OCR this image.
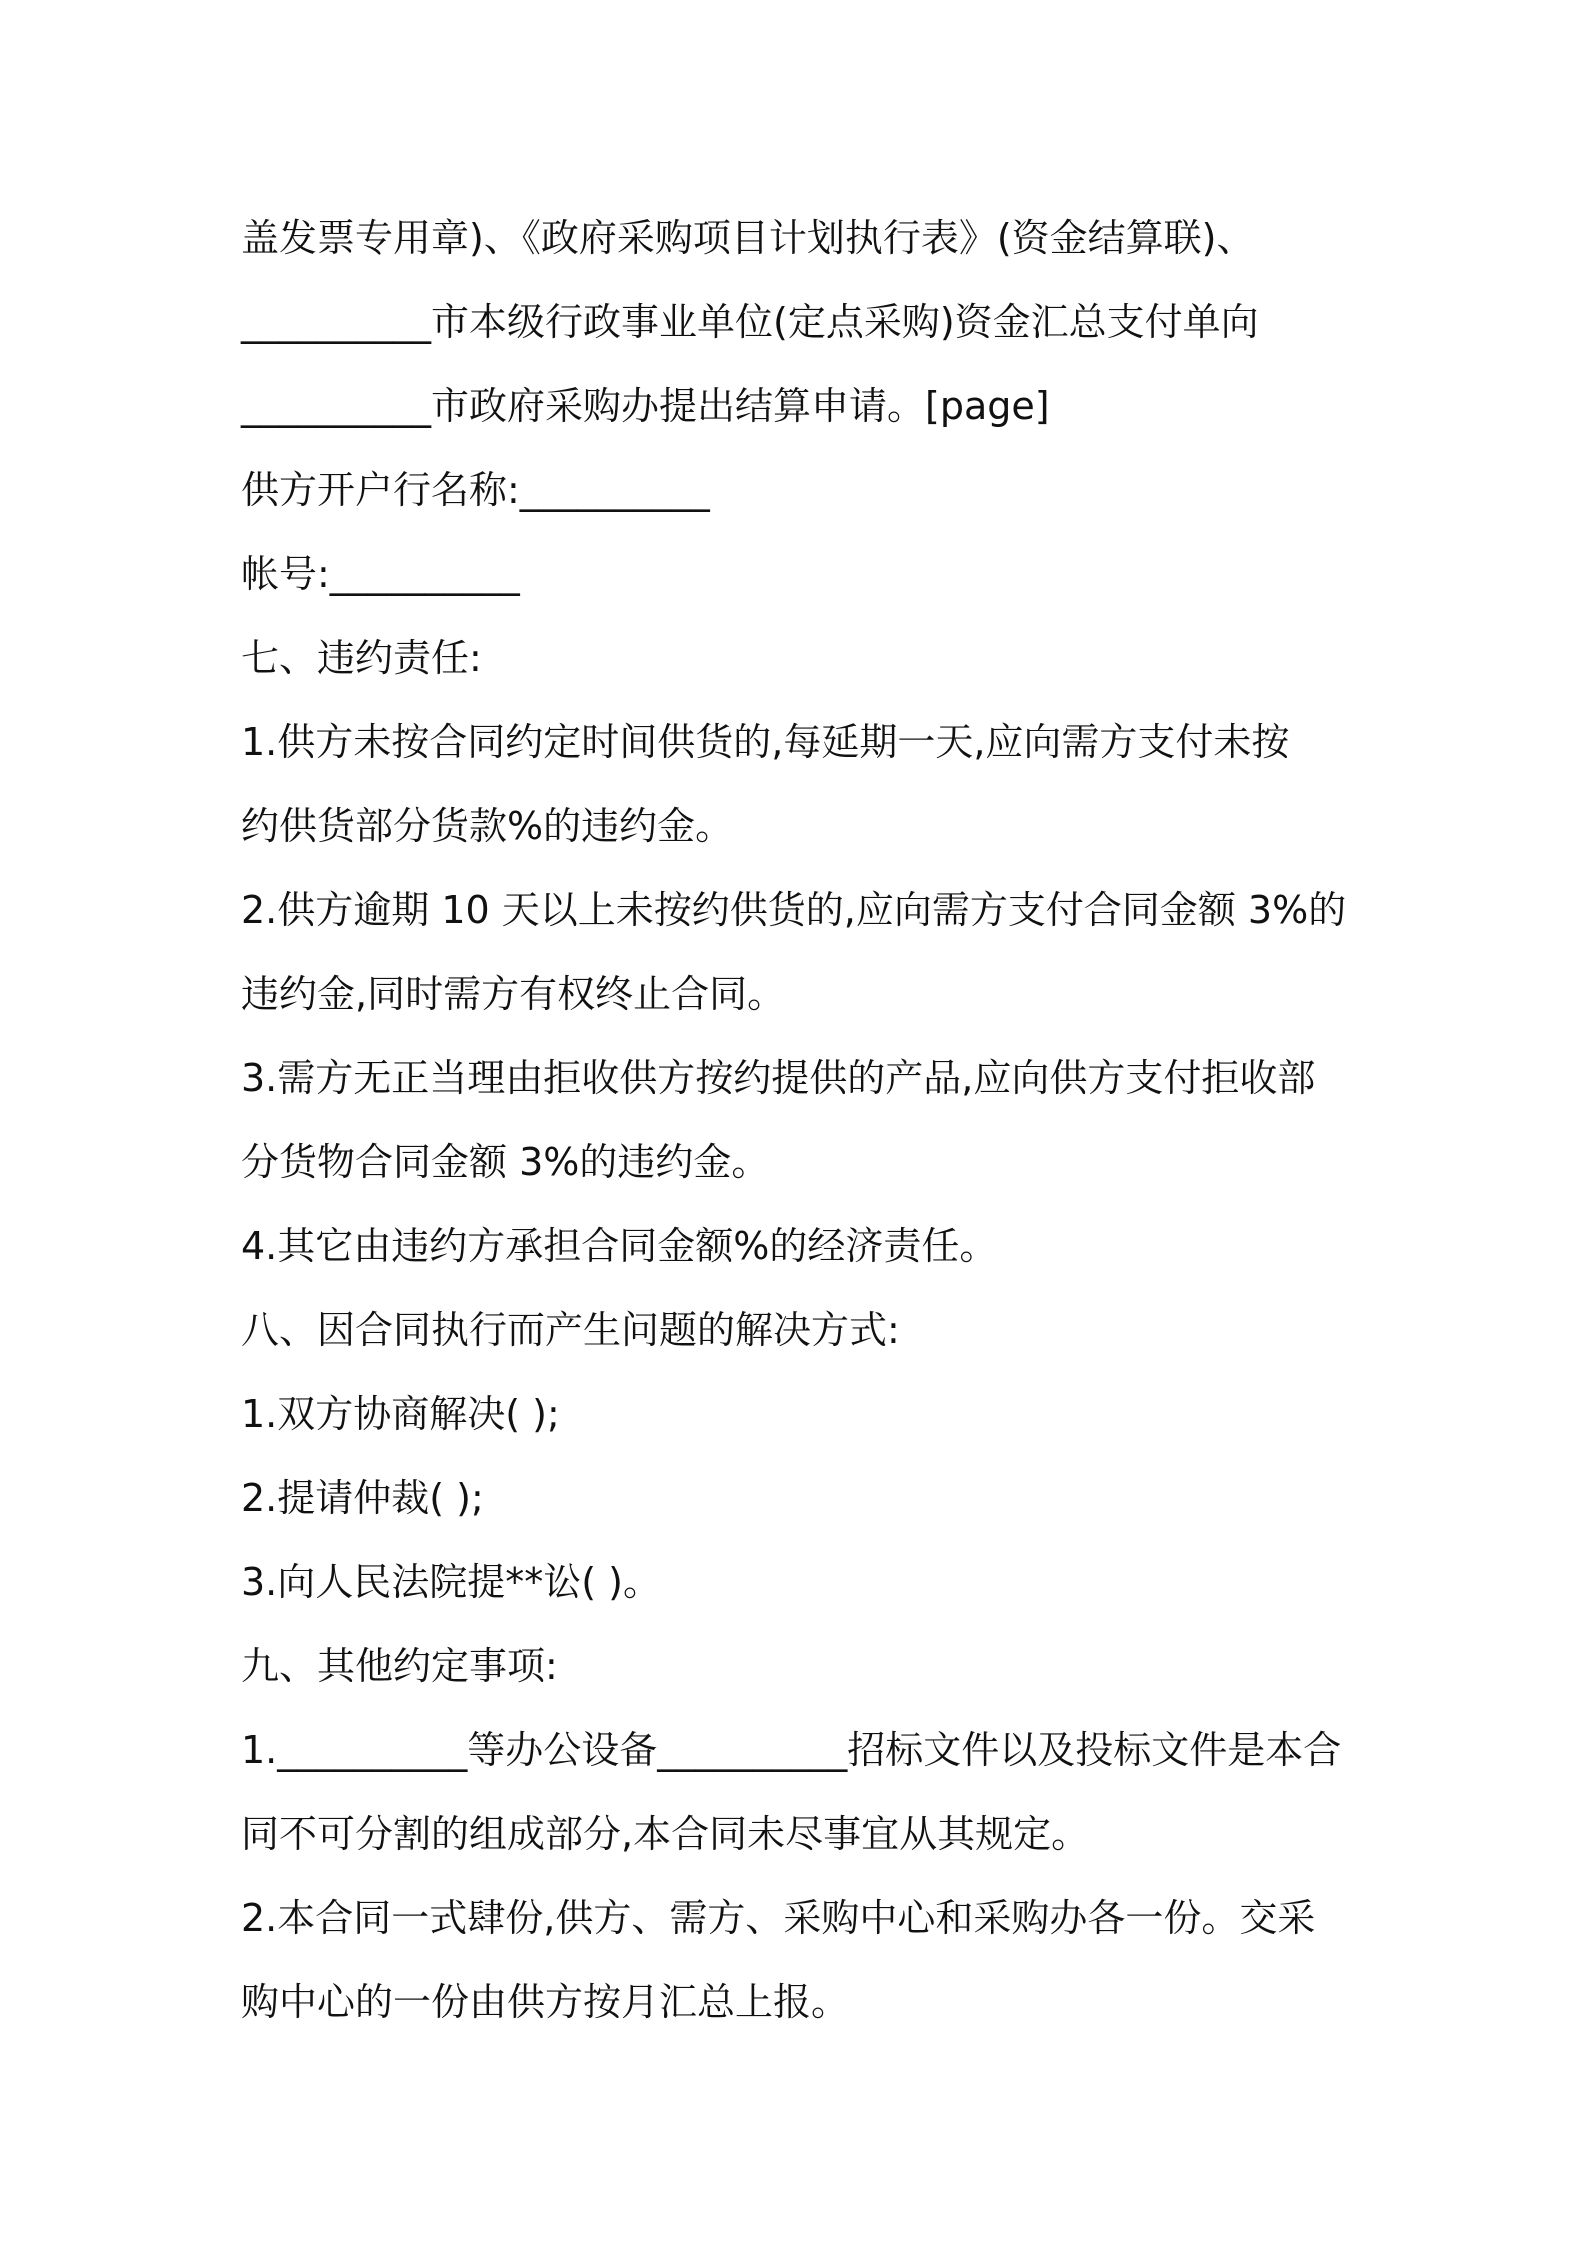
盖发票专用章)、《政府采购项目计划执行表》(资金结算联)、
__________市本级行政事业单位(定点采购)资金汇总支付单向
__________市政府采购办提出结算申请。[page]
供方开户行名称:__________
帐号:__________
七、违约责任:
1.供方未按合同约定时间供货的,每延期一天,应向需方支付未按
约供货部分货款%的违约金。
2.供方逾期 10 天以上未按约供货的,应向需方支付合同金额 3%的
违约金,同时需方有权终止合同。
3.需方无正当理由拒收供方按约提供的产品,应向供方支付拒收部
分货物合同金额 3%的违约金。
4.其它由违约方承担合同金额%的经济责任。
八、因合同执行而产生问题的解决方式:
1.双方协商解决( );
2.提请仲裁( );
3.向人民法院提**讼( )。
九、其他约定事项:
1.__________等办公设备__________招标文件以及投标文件是本合
同不可分割的组成部分,本合同未尽事宜从其规定。
2.本合同一式肆份,供方、需方、采购中心和采购办各一份。交采
购中心的一份由供方按月汇总上报。
